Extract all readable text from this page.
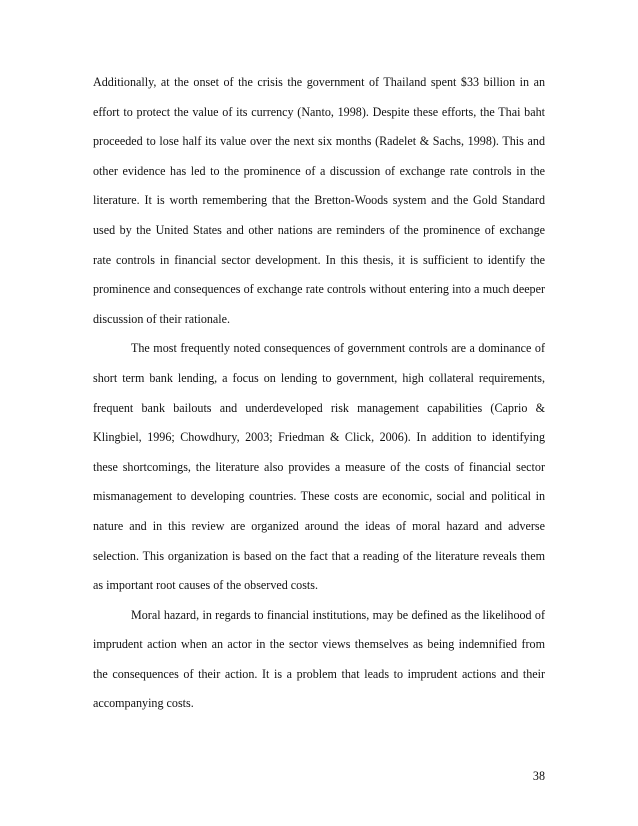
Additionally, at the onset of the crisis the government of Thailand spent $33 billion in an effort to protect the value of its currency (Nanto, 1998). Despite these efforts, the Thai baht proceeded to lose half its value over the next six months (Radelet & Sachs, 1998). This and other evidence has led to the prominence of a discussion of exchange rate controls in the literature. It is worth remembering that the Bretton-Woods system and the Gold Standard used by the United States and other nations are reminders of the prominence of exchange rate controls in financial sector development. In this thesis, it is sufficient to identify the prominence and consequences of exchange rate controls without entering into a much deeper discussion of their rationale.

The most frequently noted consequences of government controls are a dominance of short term bank lending, a focus on lending to government, high collateral requirements, frequent bank bailouts and underdeveloped risk management capabilities (Caprio & Klingbiel, 1996; Chowdhury, 2003; Friedman & Click, 2006). In addition to identifying these shortcomings, the literature also provides a measure of the costs of financial sector mismanagement to developing countries. These costs are economic, social and political in nature and in this review are organized around the ideas of moral hazard and adverse selection. This organization is based on the fact that a reading of the literature reveals them as important root causes of the observed costs.

Moral hazard, in regards to financial institutions, may be defined as the likelihood of imprudent action when an actor in the sector views themselves as being indemnified from the consequences of their action. It is a problem that leads to imprudent actions and their accompanying costs.

38
